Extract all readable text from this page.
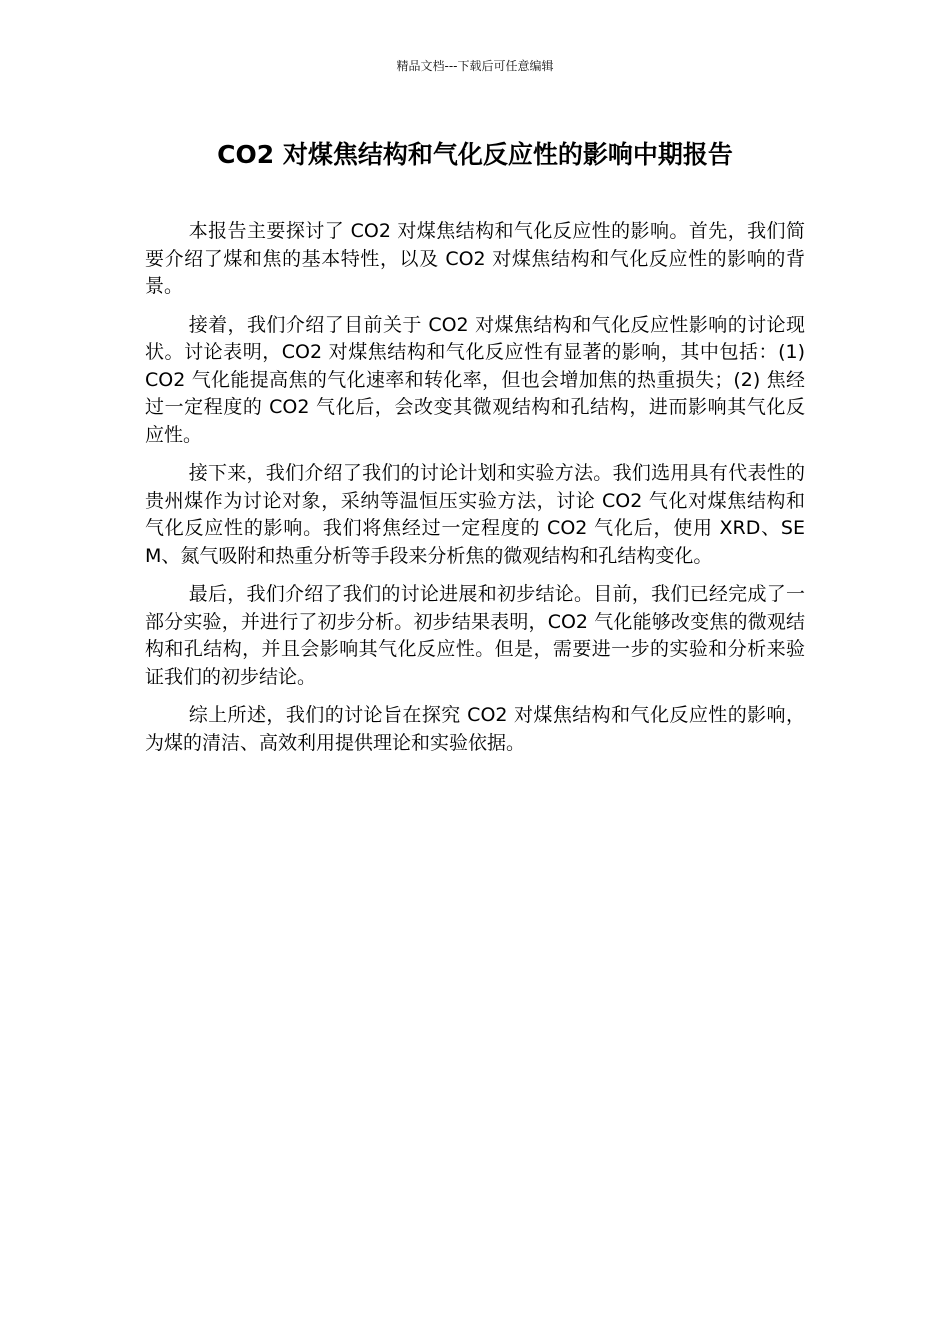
精品文档---下载后可任意编辑
CO2 对煤焦结构和气化反应性的影响中期报告

本报告主要探讨了 CO2 对煤焦结构和气化反应性的影响。首先，我们简要介绍了煤和焦的基本特性，以及 CO2 对煤焦结构和气化反应性的影响的背景。

接着，我们介绍了目前关于 CO2 对煤焦结构和气化反应性影响的讨论现状。讨论表明，CO2 对煤焦结构和气化反应性有显著的影响，其中包括：(1) CO2 气化能提高焦的气化速率和转化率，但也会增加焦的热重损失；(2) 焦经过一定程度的 CO2 气化后，会改变其微观结构和孔结构，进而影响其气化反应性。

接下来，我们介绍了我们的讨论计划和实验方法。我们选用具有代表性的贵州煤作为讨论对象，采纳等温恒压实验方法，讨论 CO2 气化对煤焦结构和气化反应性的影响。我们将焦经过一定程度的 CO2 气化后，使用 XRD、SEM、氮气吸附和热重分析等手段来分析焦的微观结构和孔结构变化。

最后，我们介绍了我们的讨论进展和初步结论。目前，我们已经完成了一部分实验，并进行了初步分析。初步结果表明，CO2 气化能够改变焦的微观结构和孔结构，并且会影响其气化反应性。但是，需要进一步的实验和分析来验证我们的初步结论。

综上所述，我们的讨论旨在探究 CO2 对煤焦结构和气化反应性的影响，为煤的清洁、高效利用提供理论和实验依据。
